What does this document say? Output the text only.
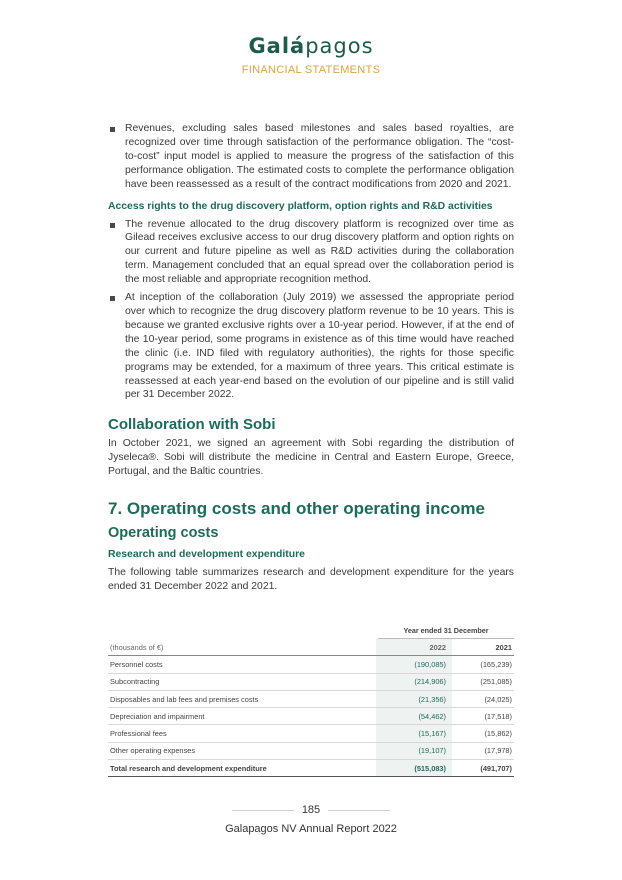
Galápagos
FINANCIAL STATEMENTS
Revenues, excluding sales based milestones and sales based royalties, are recognized over time through satisfaction of the performance obligation. The “cost-to-cost” input model is applied to measure the progress of the satisfaction of this performance obligation. The estimated costs to complete the performance obligation have been reassessed as a result of the contract modifications from 2020 and 2021.
Access rights to the drug discovery platform, option rights and R&D activities
The revenue allocated to the drug discovery platform is recognized over time as Gilead receives exclusive access to our drug discovery platform and option rights on our current and future pipeline as well as R&D activities during the collaboration term. Management concluded that an equal spread over the collaboration period is the most reliable and appropriate recognition method.
At inception of the collaboration (July 2019) we assessed the appropriate period over which to recognize the drug discovery platform revenue to be 10 years. This is because we granted exclusive rights over a 10-year period. However, if at the end of the 10-year period, some programs in existence as of this time would have reached the clinic (i.e. IND filed with regulatory authorities), the rights for those specific programs may be extended, for a maximum of three years. This critical estimate is reassessed at each year-end based on the evolution of our pipeline and is still valid per 31 December 2022.
Collaboration with Sobi

In October 2021, we signed an agreement with Sobi regarding the distribution of Jyseleca®. Sobi will distribute the medicine in Central and Eastern Europe, Greece, Portugal, and the Baltic countries.

7. Operating costs and other operating income
Operating costs
Research and development expenditure

The following table summarizes research and development expenditure for the years ended 31 December 2022 and 2021.

Year ended 31 December
(thousands of €)	2022	2021
Personnel costs	(190,085)	(165,239)
Subcontracting	(214,906)	(251,085)
Disposables and lab fees and premises costs	(21,356)	(24,025)
Depreciation and impairment	(54,462)	(17,518)
Professional fees	(15,167)	(15,862)
Other operating expenses	(19,107)	(17,978)
Total research and development expenditure	(515,083)	(491,707)
185
Galapagos NV Annual Report 2022
